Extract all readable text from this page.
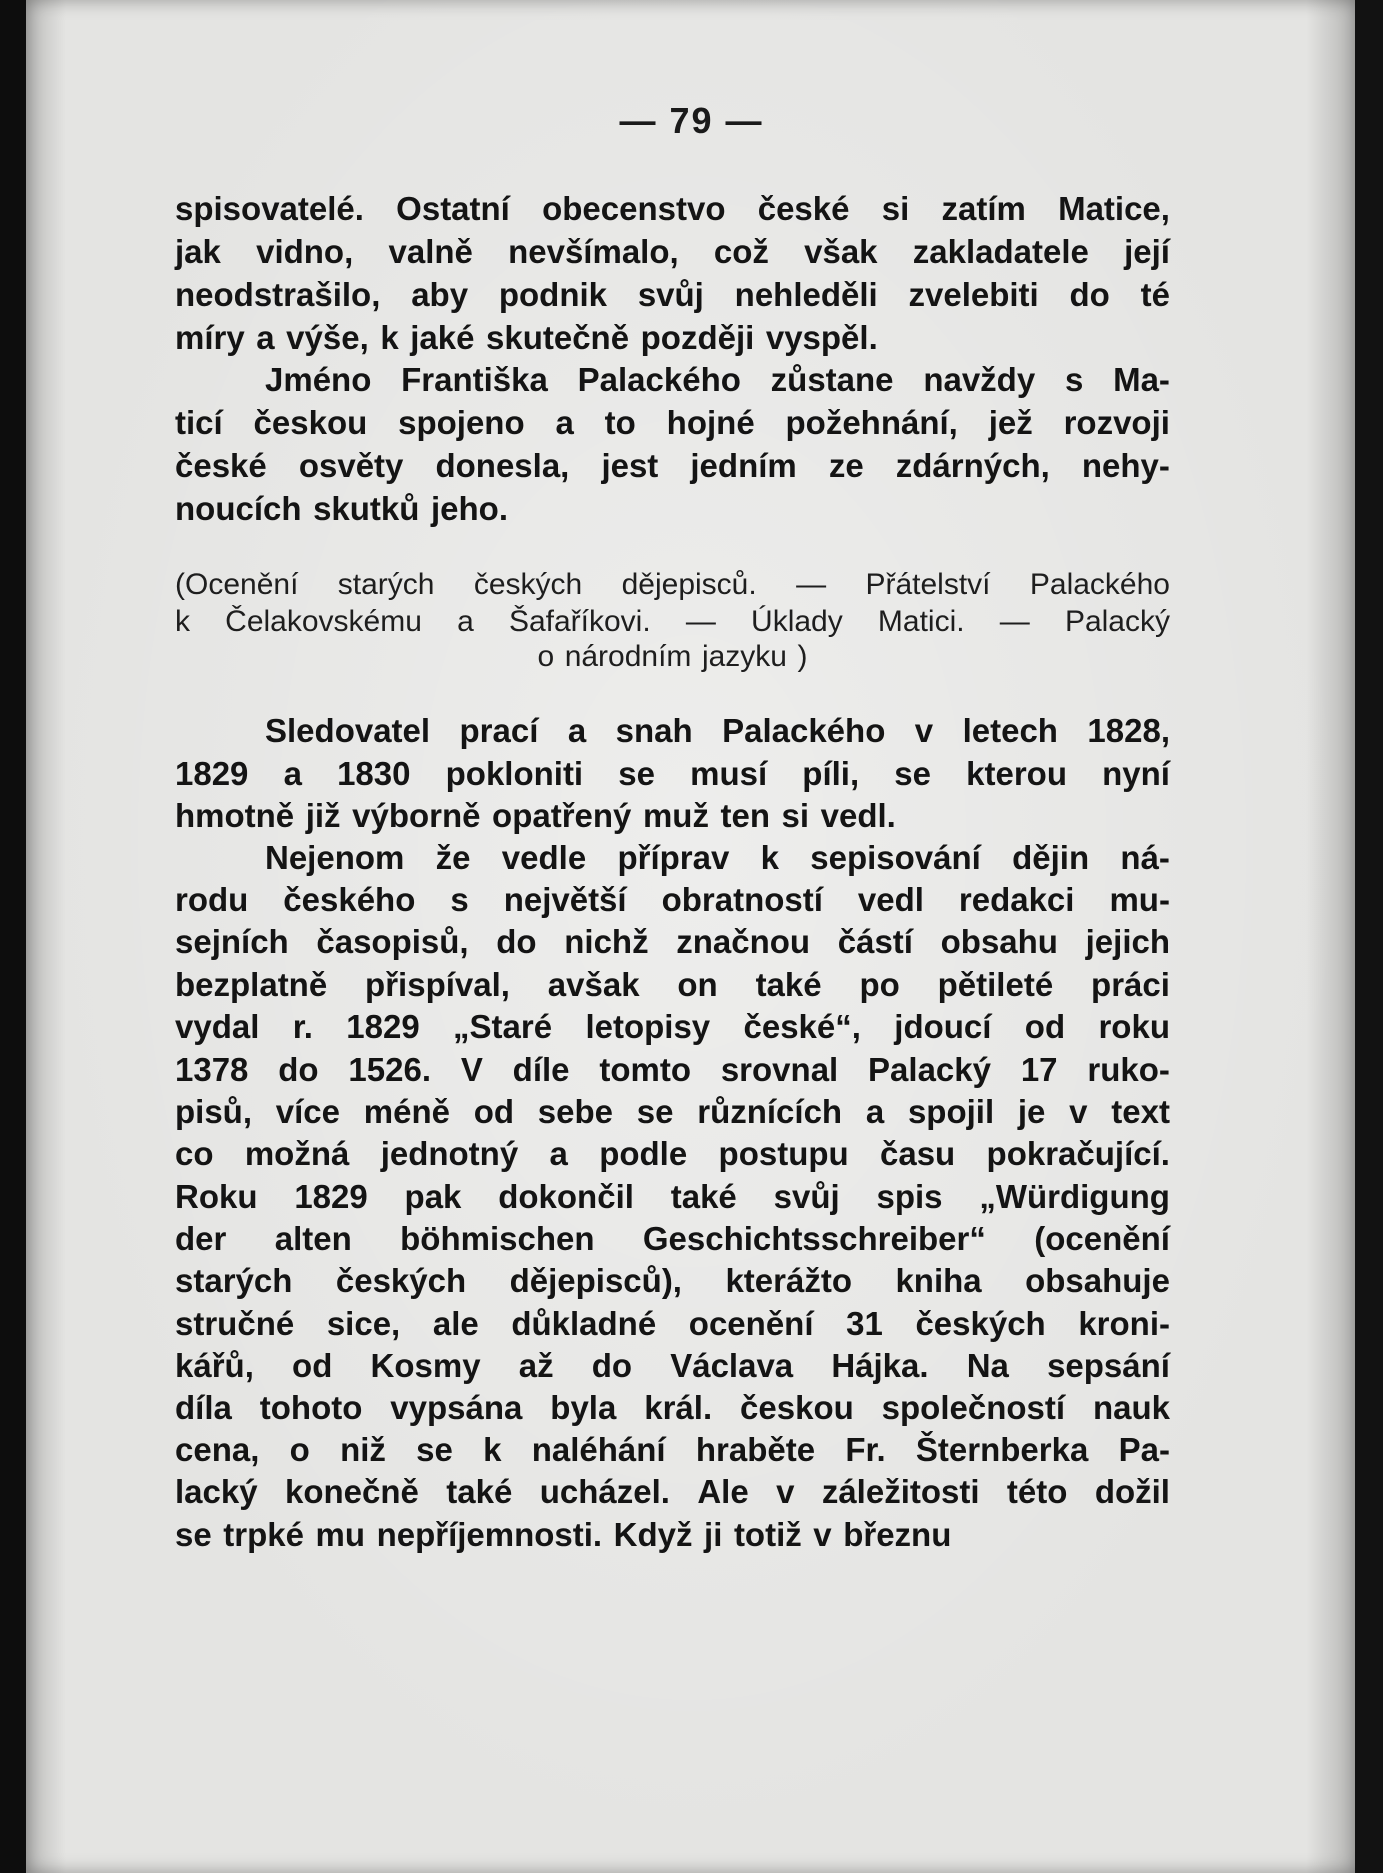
— 79 —
spisovatelé. Ostatní obecenstvo české si zatím Matice,
jak vidno, valně nevšímalo, což však zakladatele její
neodstrašilo, aby podnik svůj nehleděli zvelebiti do té
míry a výše, k jaké skutečně později vyspěl.
Jméno Františka Palackého zůstane navždy s Ma-
ticí českou spojeno a to hojné požehnání, jež rozvoji
české osvěty donesla, jest jedním ze zdárných, nehy-
noucích skutků jeho.
(Ocenění starých českých dějepisců. — Přátelství Palackého
k Čelakovskému a Šafaříkovi. — Úklady Matici. — Palacký
o národním jazyku )
Sledovatel prací a snah Palackého v letech 1828,
1829 a 1830 pokloniti se musí píli, se kterou nyní
hmotně již výborně opatřený muž ten si vedl.
Nejenom že vedle příprav k sepisování dějin ná-
rodu českého s největší obratností vedl redakci mu-
sejních časopisů, do nichž značnou částí obsahu jejich
bezplatně přispíval, avšak on také po pětileté práci
vydal r. 1829 „Staré letopisy české“, jdoucí od roku
1378 do 1526. V díle tomto srovnal Palacký 17 ruko-
pisů, více méně od sebe se různících a spojil je v text
co možná jednotný a podle postupu času pokračující.
Roku 1829 pak dokončil také svůj spis „Würdigung
der alten böhmischen Geschichtsschreiber“ (ocenění
starých českých dějepisců), kterážto kniha obsahuje
stručné sice, ale důkladné ocenění 31 českých kroni-
kářů, od Kosmy až do Václava Hájka. Na sepsání
díla tohoto vypsána byla král. českou společností nauk
cena, o niž se k naléhání hraběte Fr. Šternberka Pa-
lacký konečně také ucházel. Ale v záležitosti této dožil
se trpké mu nepříjemnosti. Když ji totiž v březnu
